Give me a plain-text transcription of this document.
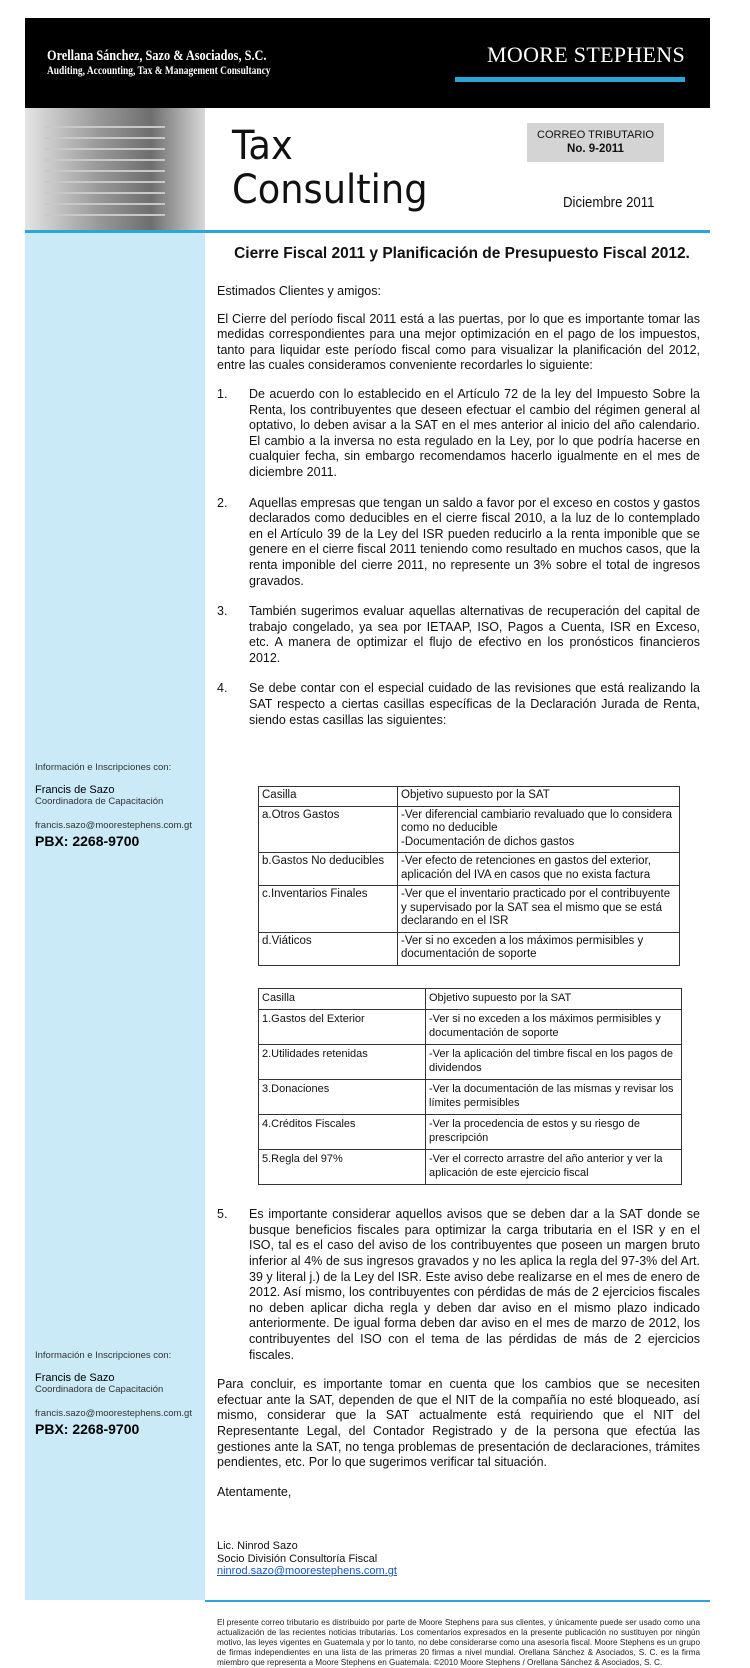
Orellana Sánchez, Sazo & Asociados, S.C.
Auditing, Accounting, Tax & Management Consultancy
MOORE STEPHENS
Tax
Consulting
CORREO TRIBUTARIO
No. 9-2011
Diciembre 2011
Información e Inscripciones con:
Francis de Sazo
Coordinadora de Capacitación
francis.sazo@moorestephens.com.gt
PBX: 2268-9700
Información e Inscripciones con:
Francis de Sazo
Coordinadora de Capacitación
francis.sazo@moorestephens.com.gt
PBX: 2268-9700
Cierre Fiscal 2011 y Planificación de Presupuesto Fiscal 2012.
Estimados Clientes y amigos:
El Cierre del período fiscal 2011 está a las puertas, por lo que es importante tomar las medidas correspondientes para una mejor optimización en el pago de los impuestos, tanto para liquidar este período fiscal como para visualizar la planificación del 2012, entre las cuales consideramos conveniente recordarles lo siguiente:
1.	De acuerdo con lo establecido en el Artículo 72 de la ley del Impuesto Sobre la Renta, los contribuyentes que deseen efectuar el cambio del régimen general al optativo, lo deben avisar a la SAT en el mes anterior al inicio del año calendario. El cambio a la inversa no esta regulado en la Ley, por lo que podría hacerse en cualquier fecha, sin embargo recomendamos hacerlo igualmente en el mes de diciembre 2011.
2.	Aquellas empresas que tengan un saldo a favor por el exceso en costos y gastos declarados como deducibles en el cierre fiscal 2010, a la luz de lo contemplado en el Artículo 39 de la Ley del ISR pueden reducirlo a la renta imponible que se genere en el cierre fiscal 2011 teniendo como resultado en muchos casos, que la renta imponible del cierre 2011, no represente un 3% sobre el total de ingresos gravados.
3.	También sugerimos evaluar aquellas alternativas de recuperación del capital de trabajo congelado, ya sea por IETAAP, ISO, Pagos a Cuenta, ISR en Exceso, etc. A manera de optimizar el flujo de efectivo en los pronósticos financieros 2012.
4.	Se debe contar con el especial cuidado de las revisiones que está realizando la SAT respecto a ciertas casillas específicas de la Declaración Jurada de Renta, siendo estas casillas las siguientes:
Casilla	Objetivo supuesto por la SAT
a.Otros Gastos	-Ver diferencial cambiario revaluado que lo considera como no deducible
-Documentación de dichos gastos
b.Gastos No deducibles	-Ver efecto de retenciones en gastos del exterior, aplicación del IVA en casos que no exista factura
c.Inventarios Finales	-Ver que el inventario practicado por el contribuyente y supervisado por la SAT sea el mismo que se está declarando en el ISR
d.Viáticos	-Ver si no exceden a los máximos permisibles y documentación de soporte
Casilla	Objetivo supuesto por la SAT
1.Gastos del Exterior	-Ver si no exceden a los máximos permisibles y documentación de soporte
2.Utilidades retenidas	-Ver la aplicación del timbre fiscal en los pagos de dividendos
3.Donaciones	-Ver la documentación de las mismas y revisar los límites permisibles
4.Créditos Fiscales	-Ver la procedencia de estos y su riesgo de prescripción
5.Regla del 97%	-Ver el correcto arrastre del año anterior y ver la aplicación de este ejercicio fiscal
5.	Es importante considerar aquellos avisos que se deben dar a la SAT donde se busque beneficios fiscales para optimizar la carga tributaria en el ISR y en el ISO, tal es el caso del aviso de los contribuyentes que poseen un margen bruto inferior al 4% de sus ingresos gravados y no les aplica la regla del 97-3% del Art. 39 y literal j.) de la Ley del ISR. Este aviso debe realizarse en el mes de enero de 2012. Así mismo, los contribuyentes con pérdidas de más de 2 ejercicios fiscales no deben aplicar dicha regla y deben dar aviso en el mismo plazo indicado anteriormente. De igual forma deben dar aviso en el mes de marzo de 2012, los contribuyentes del ISO con el tema de las pérdidas de más de 2 ejercicios fiscales.
Para concluir, es importante tomar en cuenta que los cambios que se necesiten efectuar ante la SAT, dependen de que el NIT de la compañía no esté bloqueado, así mismo, considerar que la SAT actualmente está requiriendo que el NIT del Representante Legal, del Contador Registrado y de la persona que efectúa las gestiones ante la SAT, no tenga problemas de presentación de declaraciones, trámites pendientes, etc. Por lo que sugerimos verificar tal situación.
Atentamente,
Lic. Ninrod Sazo
Socio División Consultoría Fiscal
ninrod.sazo@moorestephens.com.gt
El presente correo tributario es distribuido por parte de Moore Stephens para sus clientes, y únicamente puede ser usado como una actualización de las recientes noticias tributarias. Los comentarios expresados en la presente publicación no sustituyen por ningún motivo, las leyes vigentes en Guatemala y por lo tanto, no debe considerarse como una asesoría fiscal. Moore Stephens es un grupo de firmas independientes en una lista de las primeras 20 firmas a nivel mundial. Orellana Sánchez & Asociados, S. C. es la firma miembro que representa a Moore Stephens en Guatemala. ©2010 Moore Stephens / Orellana Sánchez & Asociados, S. C.
